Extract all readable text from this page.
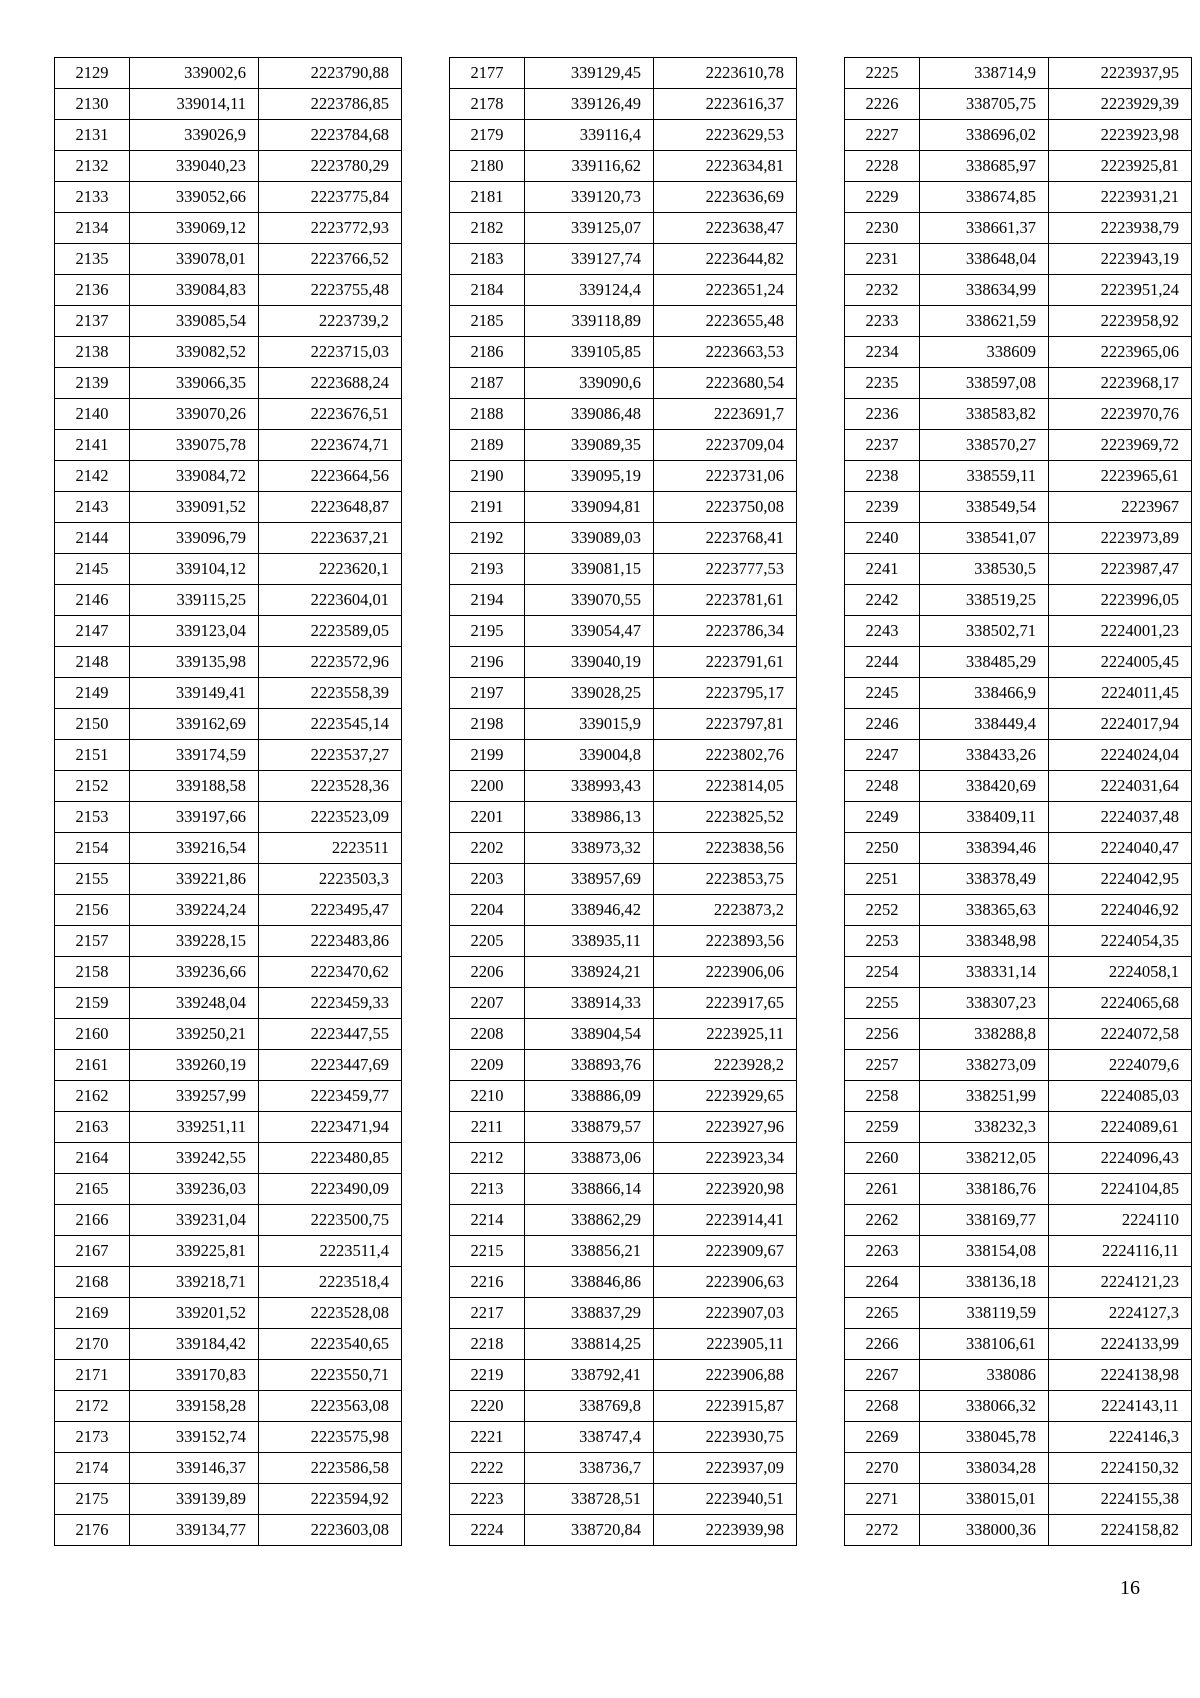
2129	339002,6	2223790,88
2130	339014,11	2223786,85
2131	339026,9	2223784,68
2132	339040,23	2223780,29
2133	339052,66	2223775,84
2134	339069,12	2223772,93
2135	339078,01	2223766,52
2136	339084,83	2223755,48
2137	339085,54	2223739,2
2138	339082,52	2223715,03
2139	339066,35	2223688,24
2140	339070,26	2223676,51
2141	339075,78	2223674,71
2142	339084,72	2223664,56
2143	339091,52	2223648,87
2144	339096,79	2223637,21
2145	339104,12	2223620,1
2146	339115,25	2223604,01
2147	339123,04	2223589,05
2148	339135,98	2223572,96
2149	339149,41	2223558,39
2150	339162,69	2223545,14
2151	339174,59	2223537,27
2152	339188,58	2223528,36
2153	339197,66	2223523,09
2154	339216,54	2223511
2155	339221,86	2223503,3
2156	339224,24	2223495,47
2157	339228,15	2223483,86
2158	339236,66	2223470,62
2159	339248,04	2223459,33
2160	339250,21	2223447,55
2161	339260,19	2223447,69
2162	339257,99	2223459,77
2163	339251,11	2223471,94
2164	339242,55	2223480,85
2165	339236,03	2223490,09
2166	339231,04	2223500,75
2167	339225,81	2223511,4
2168	339218,71	2223518,4
2169	339201,52	2223528,08
2170	339184,42	2223540,65
2171	339170,83	2223550,71
2172	339158,28	2223563,08
2173	339152,74	2223575,98
2174	339146,37	2223586,58
2175	339139,89	2223594,92
2176	339134,77	2223603,08
2177	339129,45	2223610,78
2178	339126,49	2223616,37
2179	339116,4	2223629,53
2180	339116,62	2223634,81
2181	339120,73	2223636,69
2182	339125,07	2223638,47
2183	339127,74	2223644,82
2184	339124,4	2223651,24
2185	339118,89	2223655,48
2186	339105,85	2223663,53
2187	339090,6	2223680,54
2188	339086,48	2223691,7
2189	339089,35	2223709,04
2190	339095,19	2223731,06
2191	339094,81	2223750,08
2192	339089,03	2223768,41
2193	339081,15	2223777,53
2194	339070,55	2223781,61
2195	339054,47	2223786,34
2196	339040,19	2223791,61
2197	339028,25	2223795,17
2198	339015,9	2223797,81
2199	339004,8	2223802,76
2200	338993,43	2223814,05
2201	338986,13	2223825,52
2202	338973,32	2223838,56
2203	338957,69	2223853,75
2204	338946,42	2223873,2
2205	338935,11	2223893,56
2206	338924,21	2223906,06
2207	338914,33	2223917,65
2208	338904,54	2223925,11
2209	338893,76	2223928,2
2210	338886,09	2223929,65
2211	338879,57	2223927,96
2212	338873,06	2223923,34
2213	338866,14	2223920,98
2214	338862,29	2223914,41
2215	338856,21	2223909,67
2216	338846,86	2223906,63
2217	338837,29	2223907,03
2218	338814,25	2223905,11
2219	338792,41	2223906,88
2220	338769,8	2223915,87
2221	338747,4	2223930,75
2222	338736,7	2223937,09
2223	338728,51	2223940,51
2224	338720,84	2223939,98
2225	338714,9	2223937,95
2226	338705,75	2223929,39
2227	338696,02	2223923,98
2228	338685,97	2223925,81
2229	338674,85	2223931,21
2230	338661,37	2223938,79
2231	338648,04	2223943,19
2232	338634,99	2223951,24
2233	338621,59	2223958,92
2234	338609	2223965,06
2235	338597,08	2223968,17
2236	338583,82	2223970,76
2237	338570,27	2223969,72
2238	338559,11	2223965,61
2239	338549,54	2223967
2240	338541,07	2223973,89
2241	338530,5	2223987,47
2242	338519,25	2223996,05
2243	338502,71	2224001,23
2244	338485,29	2224005,45
2245	338466,9	2224011,45
2246	338449,4	2224017,94
2247	338433,26	2224024,04
2248	338420,69	2224031,64
2249	338409,11	2224037,48
2250	338394,46	2224040,47
2251	338378,49	2224042,95
2252	338365,63	2224046,92
2253	338348,98	2224054,35
2254	338331,14	2224058,1
2255	338307,23	2224065,68
2256	338288,8	2224072,58
2257	338273,09	2224079,6
2258	338251,99	2224085,03
2259	338232,3	2224089,61
2260	338212,05	2224096,43
2261	338186,76	2224104,85
2262	338169,77	2224110
2263	338154,08	2224116,11
2264	338136,18	2224121,23
2265	338119,59	2224127,3
2266	338106,61	2224133,99
2267	338086	2224138,98
2268	338066,32	2224143,11
2269	338045,78	2224146,3
2270	338034,28	2224150,32
2271	338015,01	2224155,38
2272	338000,36	2224158,82
16
